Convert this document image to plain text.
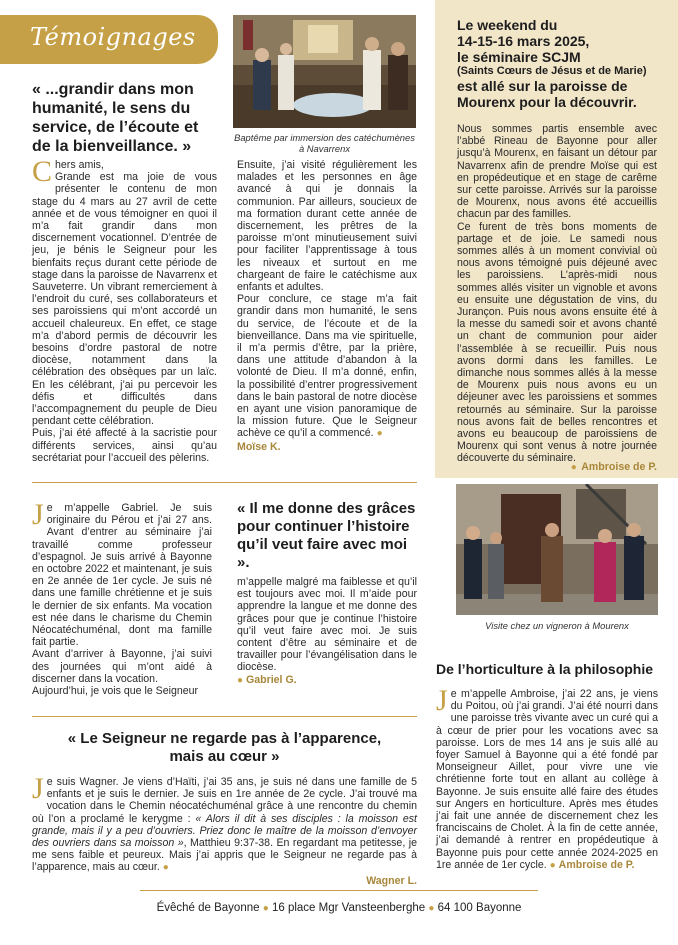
Témoignages
« ...grandir dans mon humanité, le sens du service, de l’écoute et de la bienveillance. »
C hers amis,

Grande est ma joie de vous présenter le contenu de mon stage du 4 mars au 27 avril de cette année et de vous témoigner en quoi il m’a fait grandir dans mon discernement vocationnel. D’entrée de jeu, je bénis le Seigneur pour les bienfaits reçus durant cette période de stage dans la paroisse de Navarrenx et Sauveterre. Un vibrant remerciement à l’endroit du curé, ses collaborateurs et ses paroissiens qui m’ont accordé un accueil chaleureux. En effet, ce stage m’a d’abord permis de découvrir les besoins d’ordre pastoral de notre diocèse, notamment dans la célébration des obsèques par un laïc. En les célébrant, j’ai pu percevoir les défis et difficultés dans l’accompagnement du peuple de Dieu pendant cette célébration.

Puis, j’ai été affecté à la sacristie pour différents services, ainsi qu’au secrétariat pour l’accueil des pèlerins.

Baptême par immersion des catéchumènes à Navarrenx

Ensuite, j’ai visité régulièrement les malades et les personnes en âge avancé à qui je donnais la communion. Par ailleurs, soucieux de ma formation durant cette année de discernement, les prêtres de la paroisse m’ont minutieusement suivi pour faciliter l’apprentissage à tous les niveaux et surtout en me chargeant de faire le catéchisme aux enfants et adultes.

Pour conclure, ce stage m’a fait grandir dans mon humanité, le sens du service, de l’écoute et de la bienveillance. Dans ma vie spirituelle, il m’a permis d’être, par la prière, dans une attitude d’abandon à la volonté de Dieu. Il m’a donné, enfin, la possibilité d’entrer progressivement dans le bain pastoral de notre diocèse en ayant une vision panoramique de la mission future. Que le Seigneur achève ce qu’il a commencé. ●

Moïse K.

Le weekend du
14-15-16 mars 2025,
le séminaire SCJM
(Saints Cœurs de Jésus et de Marie)
est allé sur la paroisse de Mourenx pour la découvrir.

Nous sommes partis ensemble avec l’abbé Rineau de Bayonne pour aller jusqu’à Mourenx, en faisant un détour par Navarrenx afin de prendre Moïse qui est en propédeutique et en stage de carême sur cette paroisse. Arrivés sur la paroisse de Mourenx, nous avons été accueillis chacun par des familles.

Ce furent de très bons moments de partage et de joie. Le samedi nous sommes allés à un moment convivial où nous avons témoigné puis déjeuné avec les paroissiens. L’après-midi nous sommes allés visiter un vignoble et avons eu ensuite une dégustation de vins, du Jurançon. Puis nous avons ensuite été à la messe du samedi soir et avons chanté un chant de communion pour aider l’assemblée à se recueillir. Puis nous avons dormi dans les familles. Le dimanche nous sommes allés à la messe de Mourenx puis nous avons eu un déjeuner avec les paroissiens et sommes retournés au séminaire. Sur la paroisse nous avons fait de belles rencontres et avons eu beaucoup de paroissiens de Mourenx qui sont venus à notre journée découverte du séminaire.

● Ambroise de P.
J e m’appelle Gabriel. Je suis originaire du Pérou et j’ai 27 ans. Avant d’entrer au séminaire j’ai travaillé comme professeur d’espagnol. Je suis arrivé à Bayonne en octobre 2022 et maintenant, je suis en 2e année de 1er cycle. Je suis né dans une famille chrétienne et je suis le dernier de six enfants. Ma vocation est née dans le charisme du Chemin Néocatéchuménal, dont ma famille fait partie.

Avant d’arriver à Bayonne, j’ai suivi des journées qui m’ont aidé à discerner dans la vocation.

Aujourd’hui, je vois que le Seigneur

« Il me donne des grâces pour continuer l’histoire qu’il veut faire avec moi ».

m’appelle malgré ma faiblesse et qu’il est toujours avec moi. Il m’aide pour apprendre la langue et me donne des grâces pour que je continue l’histoire qu’il veut faire avec moi. Je suis content d’être au séminaire et de travailler pour l’évangélisation dans le diocèse.

● Gabriel G.

Visite chez un vigneron à Mourenx
De l’horticulture à la philosophie
J e m’appelle Ambroise, j’ai 22 ans, je viens du Poitou, où j’ai grandi. J’ai été nourri dans une paroisse très vivante avec un curé qui a à cœur de prier pour les vocations avec sa paroisse. Lors de mes 14 ans je suis allé au foyer Samuel à Bayonne qui a été fondé par Monseigneur Aillet, pour vivre une vie chrétienne forte tout en allant au collège à Bayonne. Je suis ensuite allé faire des études sur Angers en horticulture. Après mes études j’ai fait une année de discernement chez les franciscains de Cholet. À la fin de cette année, j’ai demandé à rentrer en propédeutique à Bayonne puis pour cette année 2024-2025 en 1re année de 1er cycle. ● Ambroise de P.

« Le Seigneur ne regarde pas à l’apparence,
mais au cœur »
J e suis Wagner. Je viens d’Haïti, j’ai 35 ans, je suis né dans une famille de 5 enfants et je suis le dernier. Je suis en 1re année de 2e cycle. J’ai trouvé ma vocation dans le Chemin néocatéchuménal grâce à une rencontre du chemin où l’on a proclamé le kerygme : « Alors il dit à ses disciples : la moisson est grande, mais il y a peu d’ouvriers. Priez donc le maître de la moisson d’envoyer des ouvriers dans sa moisson », Matthieu 9:37-38. En regardant ma petitesse, je me sens faible et peureux. Mais j’ai appris que le Seigneur ne regarde pas à l’apparence, mais au cœur. ●

Wagner L.

Évêché de Bayonne ● 16 place Mgr Vansteenberghe ● 64 100 Bayonne
